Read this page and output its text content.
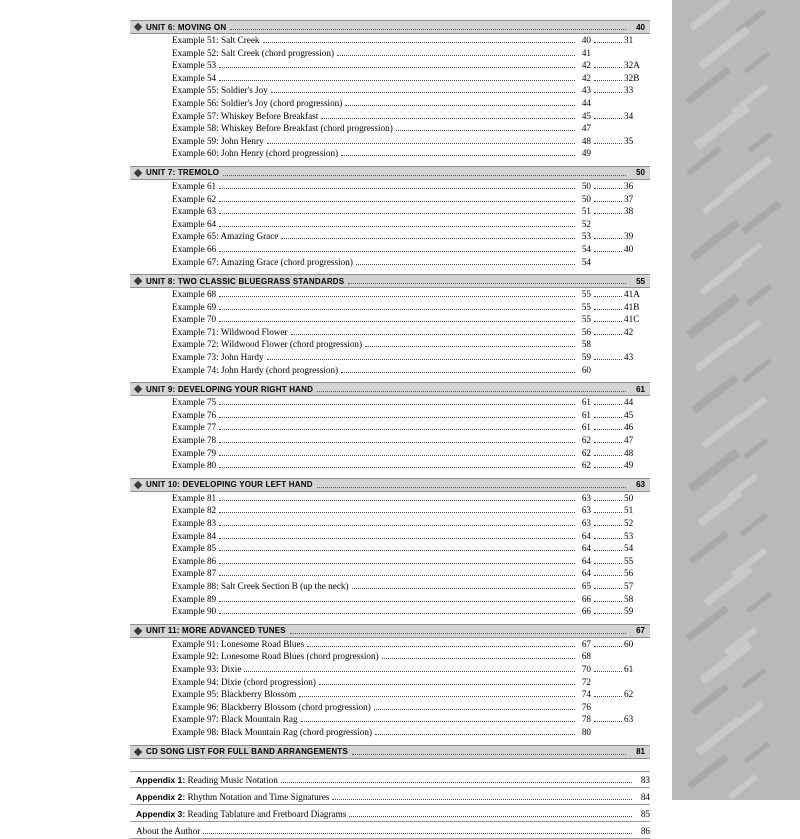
UNIT 6: MOVING ON	40
Example 51: Salt Creek	40	31
Example 52: Salt Creek (chord progression)	41
Example 53	42	32A
Example 54	42	32B
Example 55: Soldier's Joy	43	33
Example 56: Soldier's Joy (chord progression)	44
Example 57: Whiskey Before Breakfast	45	34
Example 58: Whiskey Before Breakfast (chord progression)	47
Example 59: John Henry	48	35
Example 60: John Henry (chord progression)	49
UNIT 7: TREMOLO	50
Example 61	50	36
Example 62	50	37
Example 63	51	38
Example 64	52
Example 65: Amazing Grace	53	39
Example 66	54	40
Example 67: Amazing Grace (chord progression)	54
UNIT 8: TWO CLASSIC BLUEGRASS STANDARDS	55
Example 68	55	41A
Example 69	55	41B
Example 70	55	41C
Example 71: Wildwood Flower	56	42
Example 72: Wildwood Flower (chord progression)	58
Example 73: John Hardy	59	43
Example 74: John Hardy (chord progression)	60
UNIT 9: DEVELOPING YOUR RIGHT HAND	61
Example 75	61	44
Example 76	61	45
Example 77	61	46
Example 78	62	47
Example 79	62	48
Example 80	62	49
UNIT 10: DEVELOPING YOUR LEFT HAND	63
Example 81	63	50
Example 82	63	51
Example 83	63	52
Example 84	64	53
Example 85	64	54
Example 86	64	55
Example 87	64	56
Example 88: Salt Creek Section B (up the neck)	65	57
Example 89	66	58
Example 90	66	59
UNIT 11: MORE ADVANCED TUNES	67
Example 91: Lonesome Road Blues	67	60
Example 92: Lonesome Road Blues (chord progression)	68
Example 93: Dixie	70	61
Example 94: Dixie (chord progression)	72
Example 95: Blackberry Blossom	74	62
Example 96: Blackberry Blossom (chord progression)	76
Example 97: Black Mountain Rag	78	63
Example 98: Black Mountain Rag (chord progression)	80
CD SONG LIST FOR FULL BAND ARRANGEMENTS	81
Appendix 1: Reading Music Notation	83
Appendix 2: Rhythm Notation and Time Signatures	84
Appendix 3: Reading Tablature and Fretboard Diagrams	85
About the Author	86
